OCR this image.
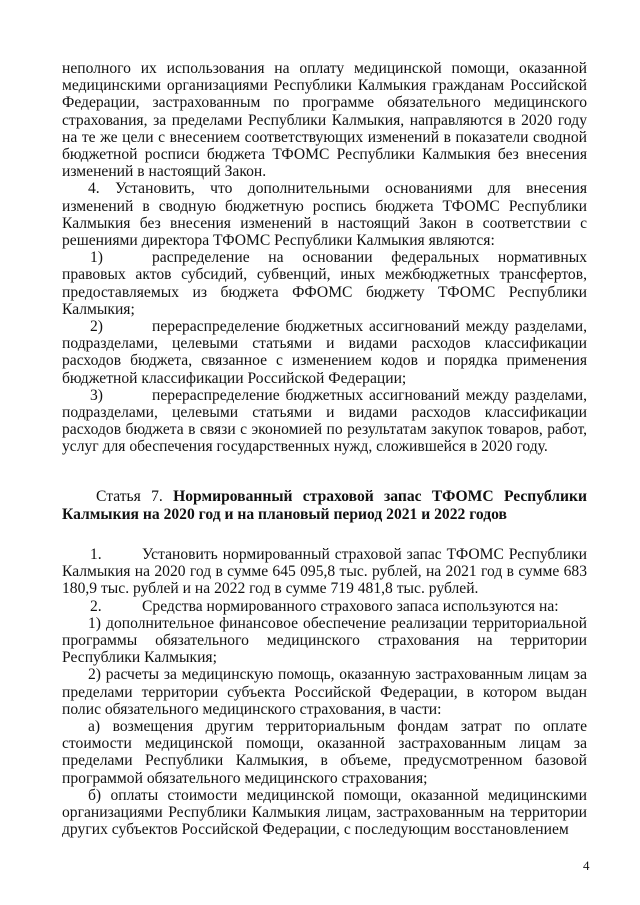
неполного их использования на оплату медицинской помощи, оказанной медицинскими организациями Республики Калмыкия гражданам Российской Федерации, застрахованным по программе обязательного медицинского страхования, за пределами Республики Калмыкия, направляются в 2020 году на те же цели с внесением соответствующих изменений в показатели сводной бюджетной росписи бюджета ТФОМС Республики Калмыкия без внесения изменений в настоящий Закон.

4. Установить, что дополнительными основаниями для внесения изменений в сводную бюджетную роспись бюджета ТФОМС Республики Калмыкия без внесения изменений в настоящий Закон в соответствии с решениями директора ТФОМС Республики Калмыкия являются:

1)	распределение на основании федеральных нормативных правовых актов субсидий, субвенций, иных межбюджетных трансфертов, предоставляемых из бюджета ФФОМС бюджету ТФОМС Республики Калмыкия;

2)	перераспределение бюджетных ассигнований между разделами, подразделами, целевыми статьями и видами расходов классификации расходов бюджета, связанное с изменением кодов и порядка применения бюджетной классификации Российской Федерации;

3)	перераспределение бюджетных ассигнований между разделами, подразделами, целевыми статьями и видами расходов классификации расходов бюджета в связи с экономией по результатам закупок товаров, работ, услуг для обеспечения государственных нужд, сложившейся в 2020 году.

Статья 7. Нормированный страховой запас ТФОМС Республики Калмыкия на 2020 год и на плановый период 2021 и 2022 годов

1.	Установить нормированный страховой запас ТФОМС Республики Калмыкия на 2020 год в сумме 645 095,8 тыс. рублей, на 2021 год в сумме 683 180,9 тыс. рублей и на 2022 год в сумме 719 481,8 тыс. рублей.

2.	Средства нормированного страхового запаса используются на:

1) дополнительное финансовое обеспечение реализации территориальной программы обязательного медицинского страхования на территории Республики Калмыкия;

2) расчеты за медицинскую помощь, оказанную застрахованным лицам за пределами территории субъекта Российской Федерации, в котором выдан полис обязательного медицинского страхования, в части:

а) возмещения другим территориальным фондам затрат по оплате стоимости медицинской помощи, оказанной застрахованным лицам за пределами Республики Калмыкия, в объеме, предусмотренном базовой программой обязательного медицинского страхования;

б) оплаты стоимости медицинской помощи, оказанной медицинскими организациями Республики Калмыкия лицам, застрахованным на территории других субъектов Российской Федерации, с последующим восстановлением

4
